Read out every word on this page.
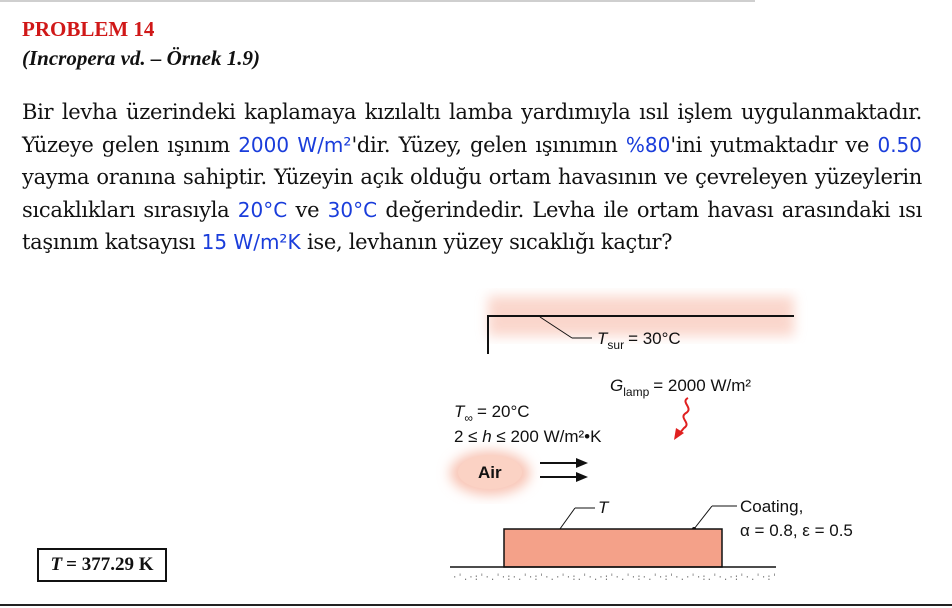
PROBLEM 14
(Incropera vd. – Örnek 1.9)
Bir levha üzerindeki kaplamaya kızılaltı lamba yardımıyla ısıl işlem uygulanmaktadır. Yüzeye gelen ışınım 2000 W/m²'dir. Yüzey, gelen ışınımın %80'ini yutmaktadır ve 0.50 yayma oranına sahiptir. Yüzeyin açık olduğu ortam havasının ve çevreleyen yüzeylerin sıcaklıkları sırasıyla 20°C ve 30°C değerindedir. Levha ile ortam havası arasındaki ısı taşınım katsayısı 15 W/m²K ise, levhanın yüzey sıcaklığı kaçtır?
T = 377.29 K
$T_{sur} = 30^\circ C$
$G_{lamp} = 2000$ W/m²
$T_\infty = 20^\circ C$
2 ≤ h ≤ 200 W/m²•K
Air
T	Coating,
α = 0.8, ε = 0.5
·'.·:'·.'·:·.'·:'·.·'·:.'·.·:'·.'·:·.'·:'·.·'·:.'·.·:'·.'·:'
